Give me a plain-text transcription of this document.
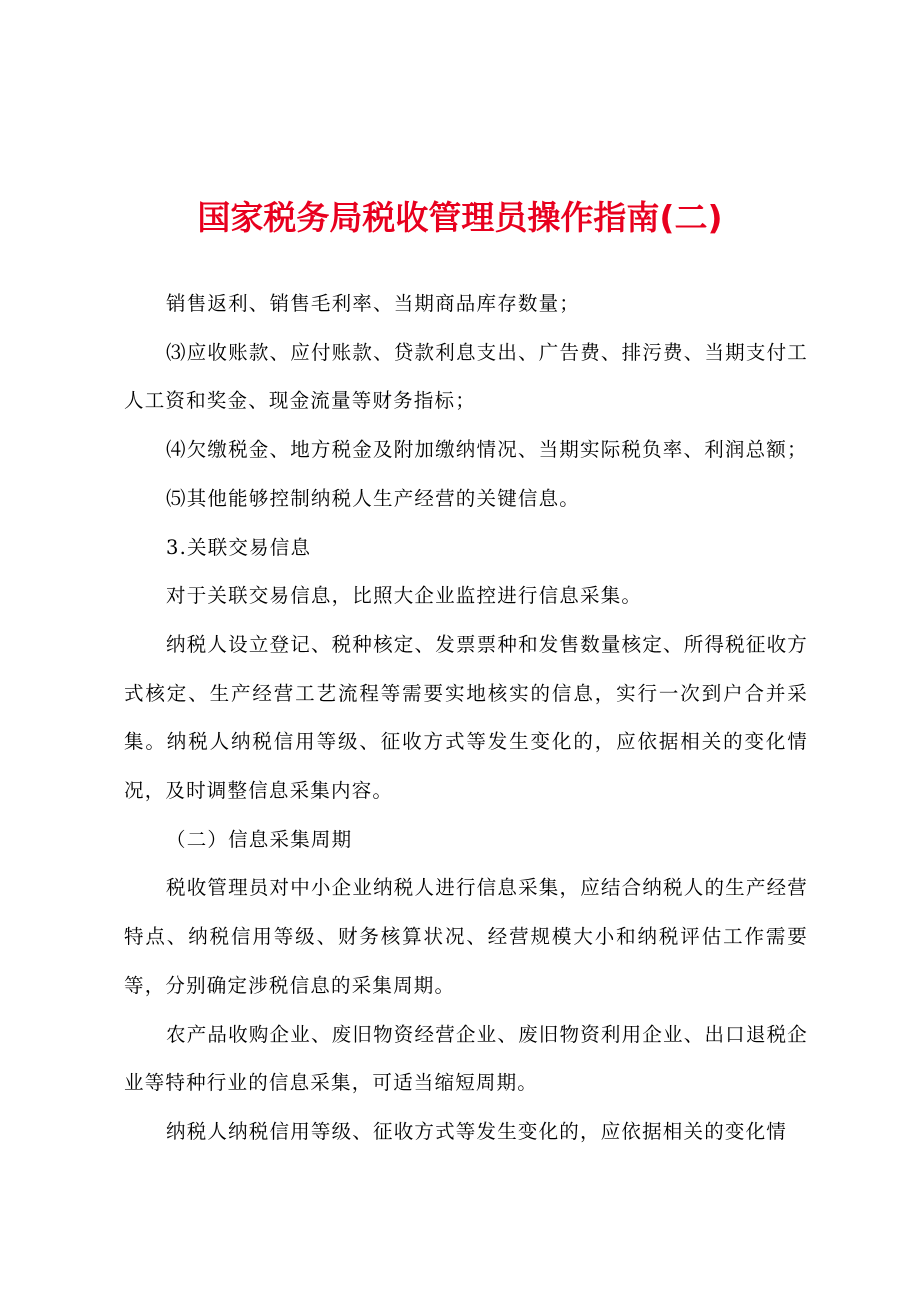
国家税务局税收管理员操作指南(二)

销售返利、销售毛利率、当期商品库存数量；

⑶应收账款、应付账款、贷款利息支出、广告费、排污费、当期支付工人工资和奖金、现金流量等财务指标；

⑷欠缴税金、地方税金及附加缴纳情况、当期实际税负率、利润总额；

⑸其他能够控制纳税人生产经营的关键信息。

3.关联交易信息

对于关联交易信息，比照大企业监控进行信息采集。

纳税人设立登记、税种核定、发票票种和发售数量核定、所得税征收方式核定、生产经营工艺流程等需要实地核实的信息，实行一次到户合并采集。纳税人纳税信用等级、征收方式等发生变化的，应依据相关的变化情况，及时调整信息采集内容。

（二）信息采集周期

税收管理员对中小企业纳税人进行信息采集，应结合纳税人的生产经营特点、纳税信用等级、财务核算状况、经营规模大小和纳税评估工作需要等，分别确定涉税信息的采集周期。

农产品收购企业、废旧物资经营企业、废旧物资利用企业、出口退税企业等特种行业的信息采集，可适当缩短周期。

纳税人纳税信用等级、征收方式等发生变化的，应依据相关的变化情
